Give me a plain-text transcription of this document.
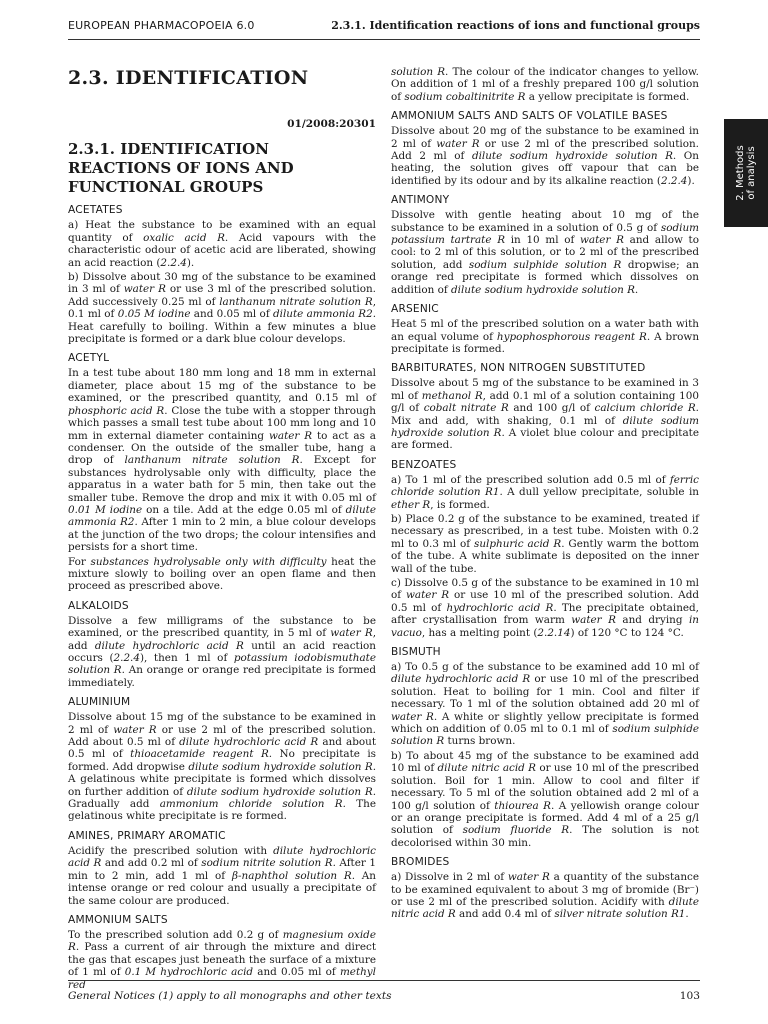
EUROPEAN PHARMACOPOEIA 6.0	2.3.1. Identification reactions of ions and functional groups
2. Methods of analysis
2.3. IDENTIFICATION

01/2008:20301

2.3.1. IDENTIFICATION REACTIONS OF IONS AND FUNCTIONAL GROUPS
ACETATES

a) Heat the substance to be examined with an equal quantity of oxalic acid R. Acid vapours with the characteristic odour of acetic acid are liberated, showing an acid reaction (2.2.4).

b) Dissolve about 30 mg of the substance to be examined in 3 ml of water R or use 3 ml of the prescribed solution. Add successively 0.25 ml of lanthanum nitrate solution R, 0.1 ml of 0.05 M iodine and 0.05 ml of dilute ammonia R2. Heat carefully to boiling. Within a few minutes a blue precipitate is formed or a dark blue colour develops.

ACETYL

In a test tube about 180 mm long and 18 mm in external diameter, place about 15 mg of the substance to be examined, or the prescribed quantity, and 0.15 ml of phosphoric acid R. Close the tube with a stopper through which passes a small test tube about 100 mm long and 10 mm in external diameter containing water R to act as a condenser. On the outside of the smaller tube, hang a drop of lanthanum nitrate solution R. Except for substances hydrolysable only with difficulty, place the apparatus in a water bath for 5 min, then take out the smaller tube. Remove the drop and mix it with 0.05 ml of 0.01 M iodine on a tile. Add at the edge 0.05 ml of dilute ammonia R2. After 1 min to 2 min, a blue colour develops at the junction of the two drops; the colour intensifies and persists for a short time.

For substances hydrolysable only with difficulty heat the mixture slowly to boiling over an open flame and then proceed as prescribed above.

ALKALOIDS

Dissolve a few milligrams of the substance to be examined, or the prescribed quantity, in 5 ml of water R, add dilute hydrochloric acid R until an acid reaction occurs (2.2.4), then 1 ml of potassium iodobismuthate solution R. An orange or orange red precipitate is formed immediately.

ALUMINIUM

Dissolve about 15 mg of the substance to be examined in 2 ml of water R or use 2 ml of the prescribed solution. Add about 0.5 ml of dilute hydrochloric acid R and about 0.5 ml of thioacetamide reagent R. No precipitate is formed. Add dropwise dilute sodium hydroxide solution R. A gelatinous white precipitate is formed which dissolves on further addition of dilute sodium hydroxide solution R. Gradually add ammonium chloride solution R. The gelatinous white precipitate is re formed.

AMINES, PRIMARY AROMATIC

Acidify the prescribed solution with dilute hydrochloric acid R and add 0.2 ml of sodium nitrite solution R. After 1 min to 2 min, add 1 ml of β-naphthol solution R. An intense orange or red colour and usually a precipitate of the same colour are produced.

AMMONIUM SALTS

To the prescribed solution add 0.2 g of magnesium oxide R. Pass a current of air through the mixture and direct the gas that escapes just beneath the surface of a mixture of 1 ml of 0.1 M hydrochloric acid and 0.05 ml of methyl red

solution R. The colour of the indicator changes to yellow. On addition of 1 ml of a freshly prepared 100 g/l solution of sodium cobaltinitrite R a yellow precipitate is formed.

AMMONIUM SALTS AND SALTS OF VOLATILE BASES

Dissolve about 20 mg of the substance to be examined in 2 ml of water R or use 2 ml of the prescribed solution. Add 2 ml of dilute sodium hydroxide solution R. On heating, the solution gives off vapour that can be identified by its odour and by its alkaline reaction (2.2.4).

ANTIMONY

Dissolve with gentle heating about 10 mg of the substance to be examined in a solution of 0.5 g of sodium potassium tartrate R in 10 ml of water R and allow to cool: to 2 ml of this solution, or to 2 ml of the prescribed solution, add sodium sulphide solution R dropwise; an orange red precipitate is formed which dissolves on addition of dilute sodium hydroxide solution R.

ARSENIC

Heat 5 ml of the prescribed solution on a water bath with an equal volume of hypophosphorous reagent R. A brown precipitate is formed.

BARBITURATES, NON NITROGEN SUBSTITUTED

Dissolve about 5 mg of the substance to be examined in 3 ml of methanol R, add 0.1 ml of a solution containing 100 g/l of cobalt nitrate R and 100 g/l of calcium chloride R. Mix and add, with shaking, 0.1 ml of dilute sodium hydroxide solution R. A violet blue colour and precipitate are formed.

BENZOATES

a) To 1 ml of the prescribed solution add 0.5 ml of ferric chloride solution R1. A dull yellow precipitate, soluble in ether R, is formed.

b) Place 0.2 g of the substance to be examined, treated if necessary as prescribed, in a test tube. Moisten with 0.2 ml to 0.3 ml of sulphuric acid R. Gently warm the bottom of the tube. A white sublimate is deposited on the inner wall of the tube.

c) Dissolve 0.5 g of the substance to be examined in 10 ml of water R or use 10 ml of the prescribed solution. Add 0.5 ml of hydrochloric acid R. The precipitate obtained, after crystallisation from warm water R and drying in vacuo, has a melting point (2.2.14) of 120 °C to 124 °C.

BISMUTH

a) To 0.5 g of the substance to be examined add 10 ml of dilute hydrochloric acid R or use 10 ml of the prescribed solution. Heat to boiling for 1 min. Cool and filter if necessary. To 1 ml of the solution obtained add 20 ml of water R. A white or slightly yellow precipitate is formed which on addition of 0.05 ml to 0.1 ml of sodium sulphide solution R turns brown.

b) To about 45 mg of the substance to be examined add 10 ml of dilute nitric acid R or use 10 ml of the prescribed solution. Boil for 1 min. Allow to cool and filter if necessary. To 5 ml of the solution obtained add 2 ml of a 100 g/l solution of thiourea R. A yellowish orange colour or an orange precipitate is formed. Add 4 ml of a 25 g/l solution of sodium fluoride R. The solution is not decolorised within 30 min.

BROMIDES

a) Dissolve in 2 ml of water R a quantity of the substance to be examined equivalent to about 3 mg of bromide (Br⁻) or use 2 ml of the prescribed solution. Acidify with dilute nitric acid R and add 0.4 ml of silver nitrate solution R1.

General Notices (1) apply to all monographs and other texts	103
